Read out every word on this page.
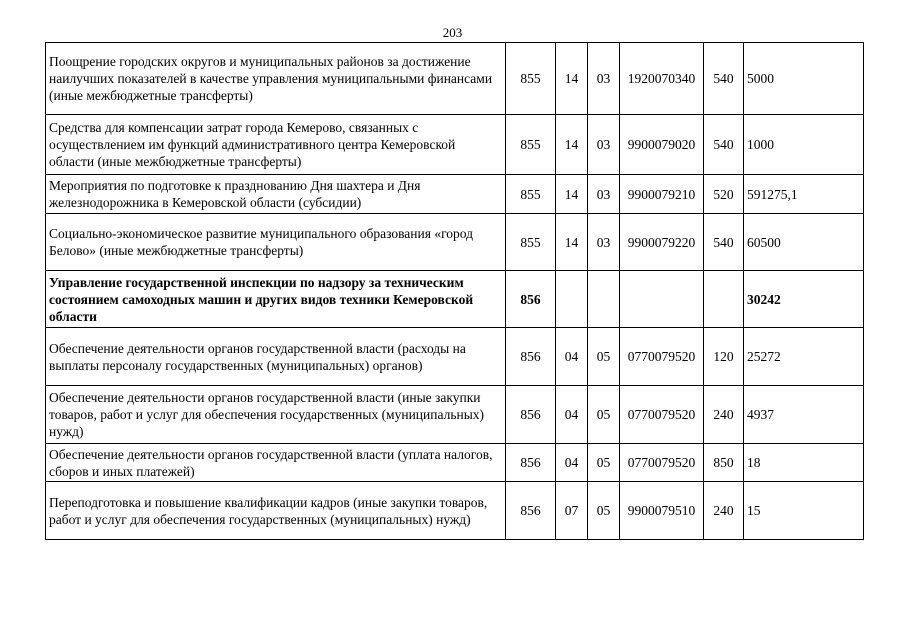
203
Поощрение городских округов и муниципальных районов за достижение наилучших показателей в качестве управления муниципальными финансами (иные межбюджетные трансферты)	855	14	03	1920070340	540	5000
Средства для компенсации затрат города Кемерово, связанных с осуществлением им функций административного центра Кемеровской области (иные межбюджетные трансферты)	855	14	03	9900079020	540	1000
Мероприятия по подготовке к празднованию Дня шахтера и Дня железнодорожника в Кемеровской области (субсидии)	855	14	03	9900079210	520	591275,1
Социально-экономическое развитие муниципального образования «город Белово» (иные межбюджетные трансферты)	855	14	03	9900079220	540	60500
Управление государственной инспекции по надзору за техническим состоянием самоходных машин и других видов техники Кемеровской области	856					30242
Обеспечение деятельности органов государственной власти (расходы на выплаты персоналу государственных (муниципальных) органов)	856	04	05	0770079520	120	25272
Обеспечение деятельности органов государственной власти (иные закупки товаров, работ и услуг для обеспечения государственных (муниципальных) нужд)	856	04	05	0770079520	240	4937
Обеспечение деятельности органов государственной власти (уплата налогов, сборов и иных платежей)	856	04	05	0770079520	850	18
Переподготовка и повышение квалификации кадров (иные закупки товаров, работ и услуг для обеспечения государственных (муниципальных) нужд)	856	07	05	9900079510	240	15
